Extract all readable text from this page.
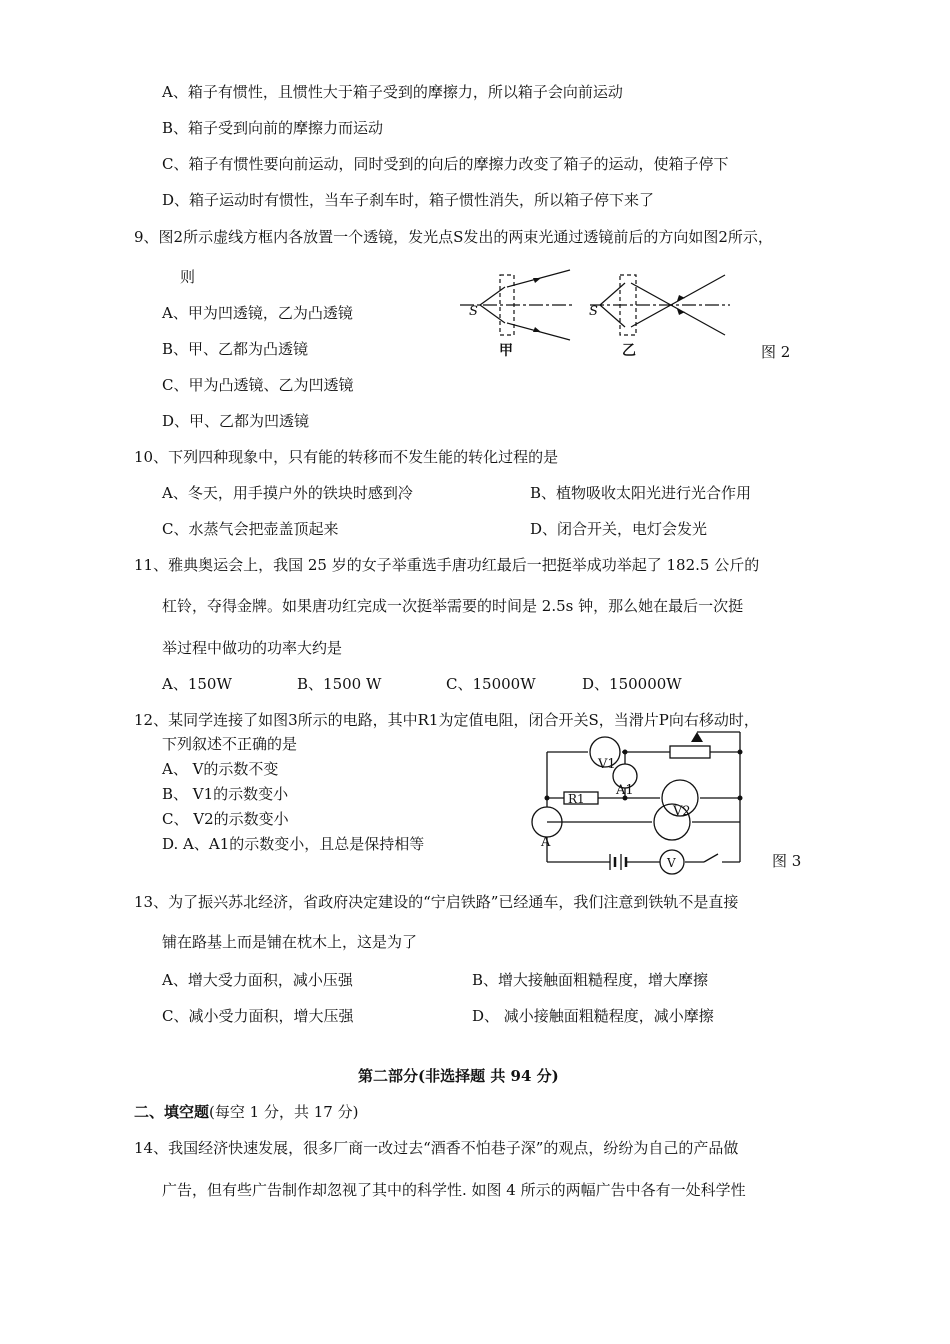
A、箱子有惯性，且惯性大于箱子受到的摩擦力，所以箱子会向前运动
B、箱子受到向前的摩擦力而运动
C、箱子有惯性要向前运动，同时受到的向后的摩擦力改变了箱子的运动，使箱子停下
D、箱子运动时有惯性，当车子刹车时，箱子惯性消失，所以箱子停下来了
9、图2所示虚线方框内各放置一个透镜，发光点S发出的两束光通过透镜前后的方向如图2所示，
则
A、甲为凹透镜，乙为凸透镜
B、甲、乙都为凸透镜
C、甲为凸透镜、乙为凹透镜
D、甲、乙都为凹透镜
S	S
甲	乙	图 2
10、下列四种现象中，只有能的转移而不发生能的转化过程的是
A、冬天，用手摸户外的铁块时感到冷	B、植物吸收太阳光进行光合作用
C、水蒸气会把壶盖顶起来	D、闭合开关，电灯会发光
11、雅典奥运会上，我国 25 岁的女子举重选手唐功红最后一把挺举成功举起了 182.5 公斤的
杠铃，夺得金牌。如果唐功红完成一次挺举需要的时间是 2.5s 钟，那么她在最后一次挺
举过程中做功的功率大约是
A、150W	B、1500 W	C、15000W	D、150000W
12、某同学连接了如图3所示的电路，其中R1为定值电阻，闭合开关S，当滑片P向右移动时，
下列叙述不正确的是
A、 V的示数不变
B、 V1的示数变小
C、 V2的示数变小
D. A、A1的示数变小，且总是保持相等
V1
A1
R1
V2
A
V	图 3
13、为了振兴苏北经济，省政府决定建设的“宁启铁路”已经通车，我们注意到铁轨不是直接
铺在路基上而是铺在枕木上，这是为了
A、增大受力面积，减小压强	B、增大接触面粗糙程度，增大摩擦
C、减小受力面积，增大压强	D、 减小接触面粗糙程度，减小摩擦
第二部分(非选择题 共 94 分)
二、填空题(每空 1 分，共 17 分)
14、我国经济快速发展，很多厂商一改过去“酒香不怕巷子深”的观点，纷纷为自己的产品做
广告，但有些广告制作却忽视了其中的科学性. 如图 4 所示的两幅广告中各有一处科学性
